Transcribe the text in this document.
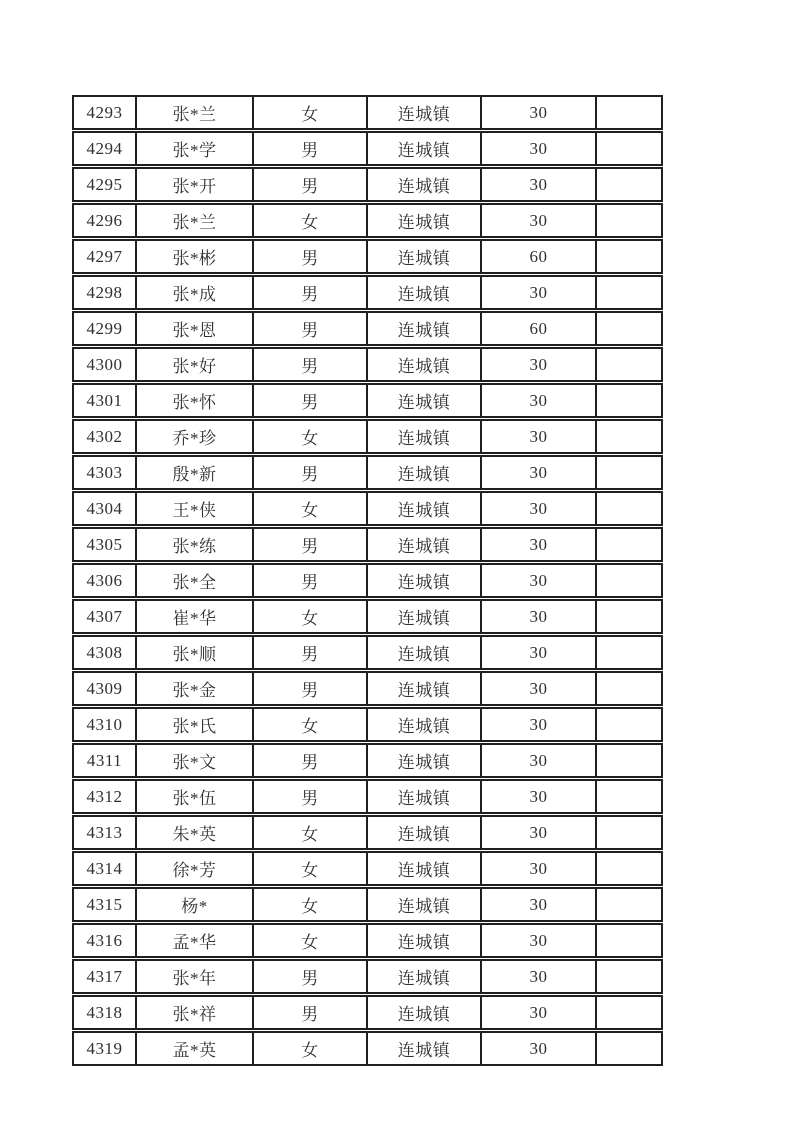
4293	张*兰	女	连城镇	30	
4294	张*学	男	连城镇	30	
4295	张*开	男	连城镇	30	
4296	张*兰	女	连城镇	30	
4297	张*彬	男	连城镇	60	
4298	张*成	男	连城镇	30	
4299	张*恩	男	连城镇	60	
4300	张*好	男	连城镇	30	
4301	张*怀	男	连城镇	30	
4302	乔*珍	女	连城镇	30	
4303	殷*新	男	连城镇	30	
4304	王*侠	女	连城镇	30	
4305	张*练	男	连城镇	30	
4306	张*全	男	连城镇	30	
4307	崔*华	女	连城镇	30	
4308	张*顺	男	连城镇	30	
4309	张*金	男	连城镇	30	
4310	张*氏	女	连城镇	30	
4311	张*文	男	连城镇	30	
4312	张*伍	男	连城镇	30	
4313	朱*英	女	连城镇	30	
4314	徐*芳	女	连城镇	30	
4315	杨*	女	连城镇	30	
4316	孟*华	女	连城镇	30	
4317	张*年	男	连城镇	30	
4318	张*祥	男	连城镇	30	
4319	孟*英	女	连城镇	30	
